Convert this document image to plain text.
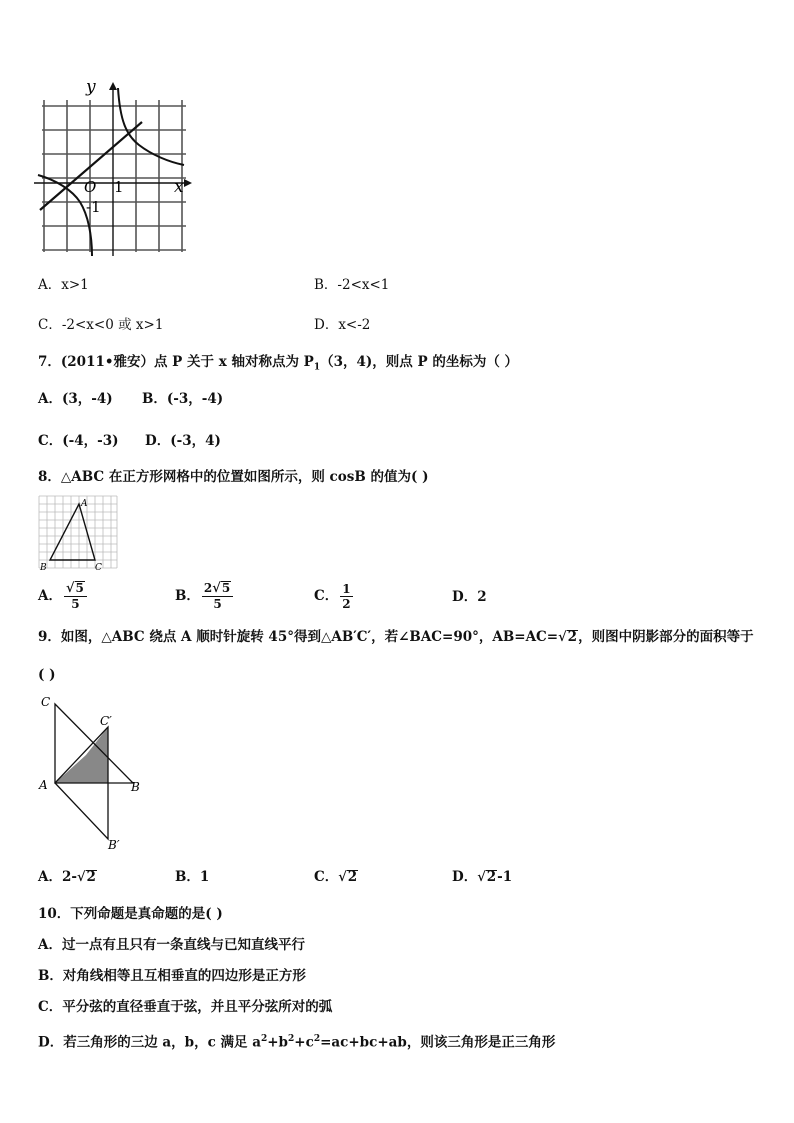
y
x
O 1
-1
A．x>1	B．-2<x<1
C．-2<x<0 或 x>1	D．x<-2
7．(2011•雅安）点 P 关于 x 轴对称点为 $P_1(3$，4)，则点 P 的坐标为（ ）
A．(3，-4) B．(-3，-4)
C．(-4，-3) D．(-3，4)
8．△ABC 在正方形网格中的位置如图所示，则 cosB 的值为( )
A
B	C
A． $\frac{√5}{5}$	B． $\frac{2√5}{5}$	C． $\frac{1}{2}$	D．2
9．如图，△ABC 绕点 A 顺时针旋转 45°得到△AB′C′，若∠BAC=90°，AB=AC=√2，则图中阴影部分的面积等于
( )
C
C′
A	B
B′
A．2-√2	B．1	C．√2	D．√2-1
10．下列命题是真命题的是( )
A．过一点有且只有一条直线与已知直线平行
B．对角线相等且互相垂直的四边形是正方形
C．平分弦的直径垂直于弦，并且平分弦所对的弧
D．若三角形的三边 a，b，c 满足 $a^2+b^2+c^2=ac+bc+ab$，则该三角形是正三角形
